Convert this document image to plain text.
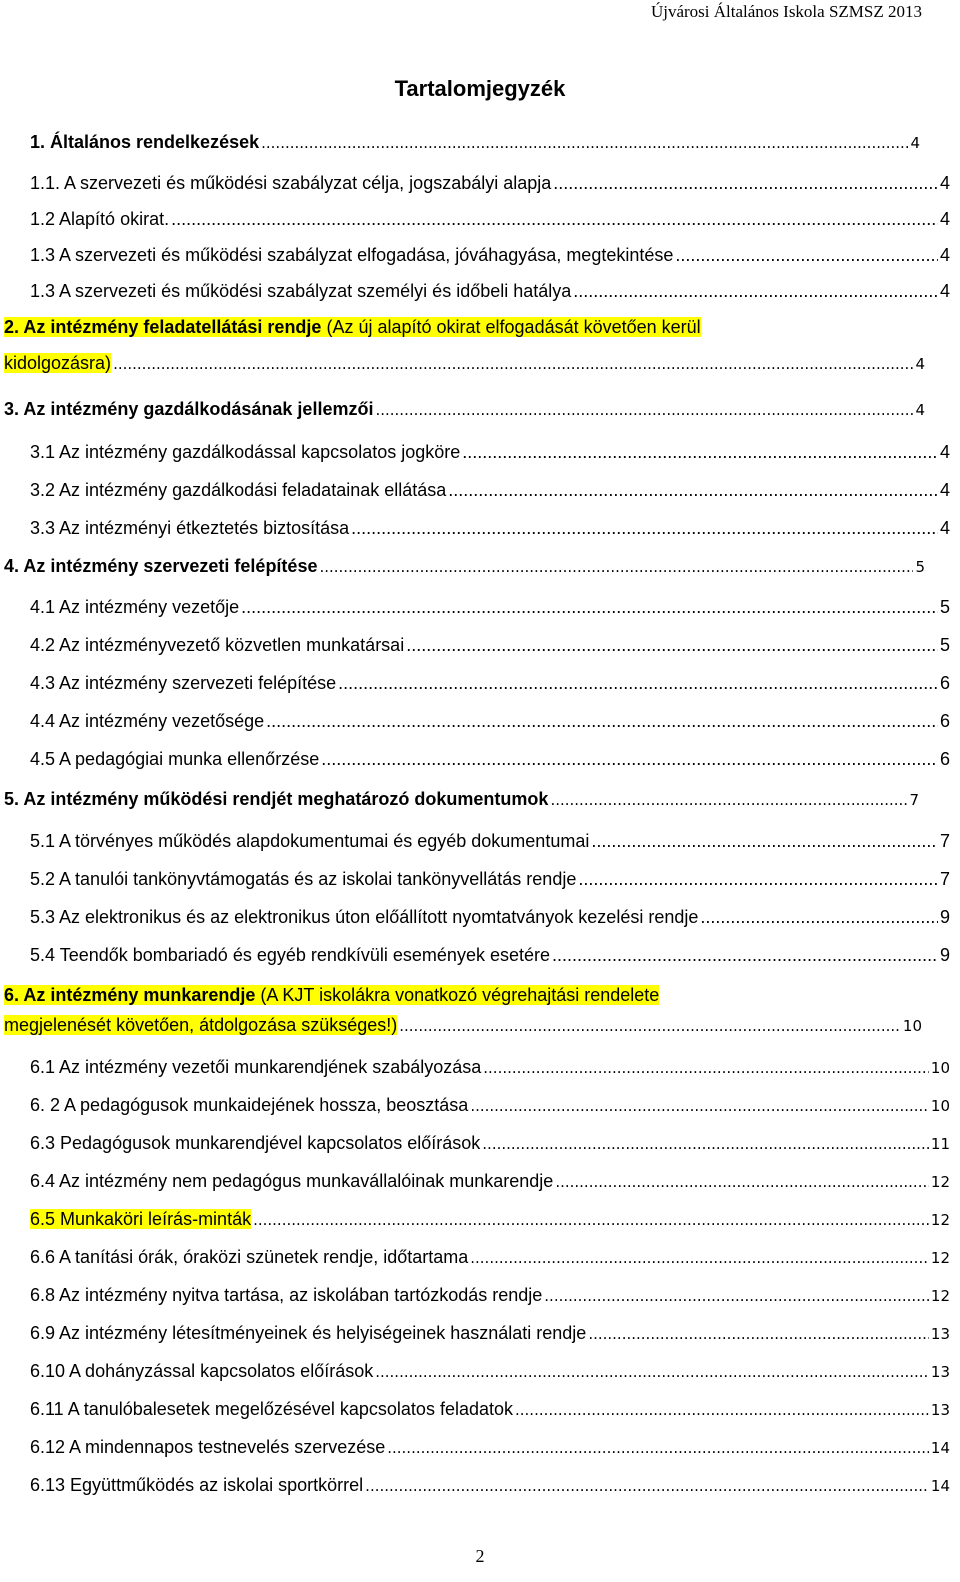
Újvárosi Általános Iskola SZMSZ 2013
Tartalomjegyzék
1. Általános rendelkezések .....	4
1.1. A szervezeti és működési szabályzat célja, jogszabályi alapja .....	4
1.2 Alapító okirat. .....	4
1.3 A szervezeti és működési szabályzat elfogadása, jóváhagyása, megtekintése .....	4
1.3 A szervezeti és működési szabályzat személyi és időbeli hatálya .....	4
2. Az intézmény feladatellátási rendje (Az új alapító okirat elfogadását követően kerül
kidolgozásra) .....	4
3. Az intézmény gazdálkodásának jellemzői .....	4
3.1 Az intézmény gazdálkodással kapcsolatos jogköre .....	4
3.2 Az intézmény gazdálkodási feladatainak ellátása .....	4
3.3 Az intézményi étkeztetés biztosítása .....	4
4. Az intézmény szervezeti felépítése .....	5
4.1 Az intézmény vezetője .....	5
4.2 Az intézményvezető közvetlen munkatársai .....	5
4.3 Az intézmény szervezeti felépítése .....	6
4.4 Az intézmény vezetősége .....	6
4.5 A pedagógiai munka ellenőrzése .....	6
5. Az intézmény működési rendjét meghatározó dokumentumok .....	7
5.1 A törvényes működés alapdokumentumai és egyéb dokumentumai .....	7
5.2 A tanulói tankönyvtámogatás és az iskolai tankönyvellátás rendje .....	7
5.3 Az elektronikus és az elektronikus úton előállított nyomtatványok kezelési rendje .....	9
5.4 Teendők bombariadó és egyéb rendkívüli események esetére .....	9
6. Az intézmény munkarendje (A KJT iskolákra vonatkozó végrehajtási rendelete
megjelenését követően, átdolgozása szükséges!) .....	10
6.1 Az intézmény vezetői munkarendjének szabályozása .....	10
6. 2 A pedagógusok munkaidejének hossza, beosztása .....	10
6.3 Pedagógusok munkarendjével kapcsolatos előírások .....	11
6.4 Az intézmény nem pedagógus munkavállalóinak munkarendje .....	12
6.5 Munkaköri leírás-minták .....	12
6.6 A tanítási órák, óraközi szünetek rendje, időtartama .....	12
6.8 Az intézmény nyitva tartása, az iskolában tartózkodás rendje .....	12
6.9 Az intézmény létesítményeinek és helyiségeinek használati rendje .....	13
6.10 A dohányzással kapcsolatos előírások .....	13
6.11 A tanulóbalesetek megelőzésével kapcsolatos feladatok .....	13
6.12 A mindennapos testnevelés szervezése .....	14
6.13 Együttműködés az iskolai sportkörrel .....	14
2
